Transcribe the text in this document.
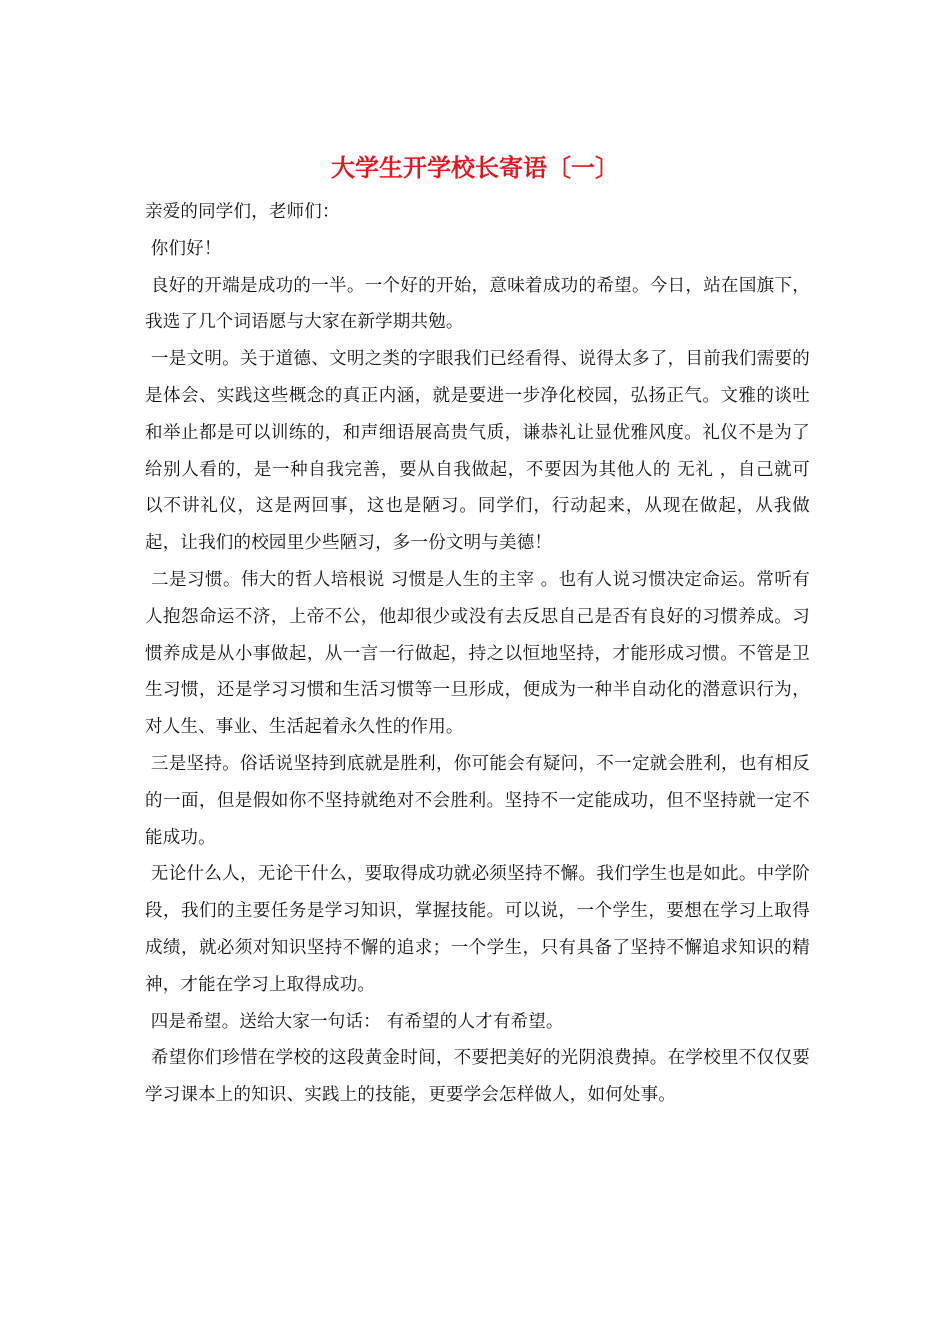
大学生开学校长寄语〔一〕

亲爱的同学们，老师们：

你们好！

良好的开端是成功的一半。一个好的开始，意味着成功的希望。今日，站在国旗下，我选了几个词语愿与大家在新学期共勉。

一是文明。关于道德、文明之类的字眼我们已经看得、说得太多了，目前我们需要的是体会、实践这些概念的真正内涵，就是要进一步净化校园，弘扬正气。文雅的谈吐和举止都是可以训练的，和声细语展高贵气质，谦恭礼让显优雅风度。礼仪不是为了给别人看的，是一种自我完善，要从自我做起，不要因为其他人的 无礼 ，自己就可以不讲礼仪，这是两回事，这也是陋习。同学们，行动起来，从现在做起，从我做起，让我们的校园里少些陋习，多一份文明与美德！

二是习惯。伟大的哲人培根说 习惯是人生的主宰 。也有人说习惯决定命运。常听有人抱怨命运不济，上帝不公，他却很少或没有去反思自己是否有良好的习惯养成。习惯养成是从小事做起，从一言一行做起，持之以恒地坚持，才能形成习惯。不管是卫生习惯，还是学习习惯和生活习惯等一旦形成，便成为一种半自动化的潜意识行为，对人生、事业、生活起着永久性的作用。

三是坚持。俗话说坚持到底就是胜利，你可能会有疑问，不一定就会胜利，也有相反的一面，但是假如你不坚持就绝对不会胜利。坚持不一定能成功，但不坚持就一定不能成功。

无论什么人，无论干什么，要取得成功就必须坚持不懈。我们学生也是如此。中学阶段，我们的主要任务是学习知识，掌握技能。可以说，一个学生，要想在学习上取得成绩，就必须对知识坚持不懈的追求；一个学生，只有具备了坚持不懈追求知识的精神，才能在学习上取得成功。

四是希望。送给大家一句话： 有希望的人才有希望。

希望你们珍惜在学校的这段黄金时间，不要把美好的光阴浪费掉。在学校里不仅仅要学习课本上的知识、实践上的技能，更要学会怎样做人，如何处事。
